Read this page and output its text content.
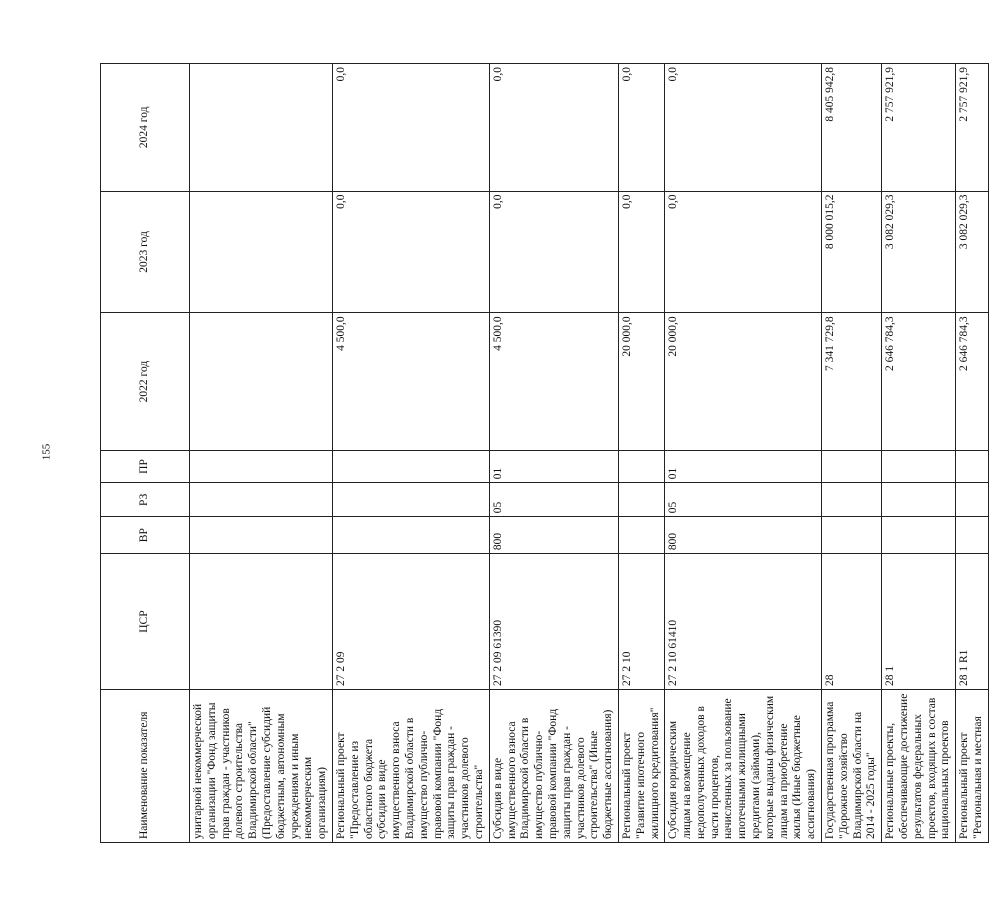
155
Наименование показателя	ЦСР	ВР	РЗ	ПР	2022 год	2023 год	2024 год
унитарной некоммерческой организации "Фонд защиты прав граждан - участников долевого строительства Владимирской области" (Предоставление субсидий бюджетным, автономным учреждениям и иным некоммерческим организациям)							
Региональный проект "Предоставление из областного бюджета субсидии в виде имущественного взноса Владимирской области в имущество публично-правовой компании "Фонд защиты прав граждан - участников долевого строительства"	27 2 09				4 500,0	0,0	0,0
Субсидия в виде имущественного взноса Владимирской области в имущество публично-правовой компании "Фонд защиты прав граждан - участников долевого строительства" (Иные бюджетные ассигнования)	27 2 09 61390	800	05	01	4 500,0	0,0	0,0
Региональный проект "Развитие ипотечного жилищного кредитования"	27 2 10				20 000,0	0,0	0,0
Субсидия юридическим лицам на возмещение недополученных доходов в части процентов, начисленных за пользование ипотечными жилищными кредитами (займами), которые выданы физическим лицам на приобретение жилья (Иные бюджетные ассигнования)	27 2 10 61410	800	05	01	20 000,0	0,0	0,0
Государственная программа "Дорожное хозяйство Владимирской области на 2014 - 2025 годы"	28				7 341 729,8	8 000 015,2	8 405 942,8
Региональные проекты, обеспечивающие достижение результатов федеральных проектов, входящих в состав национальных проектов	28 1				2 646 784,3	3 082 029,3	2 757 921,9
Региональный проект "Региональная и местная	28 1 R1				2 646 784,3	3 082 029,3	2 757 921,9
